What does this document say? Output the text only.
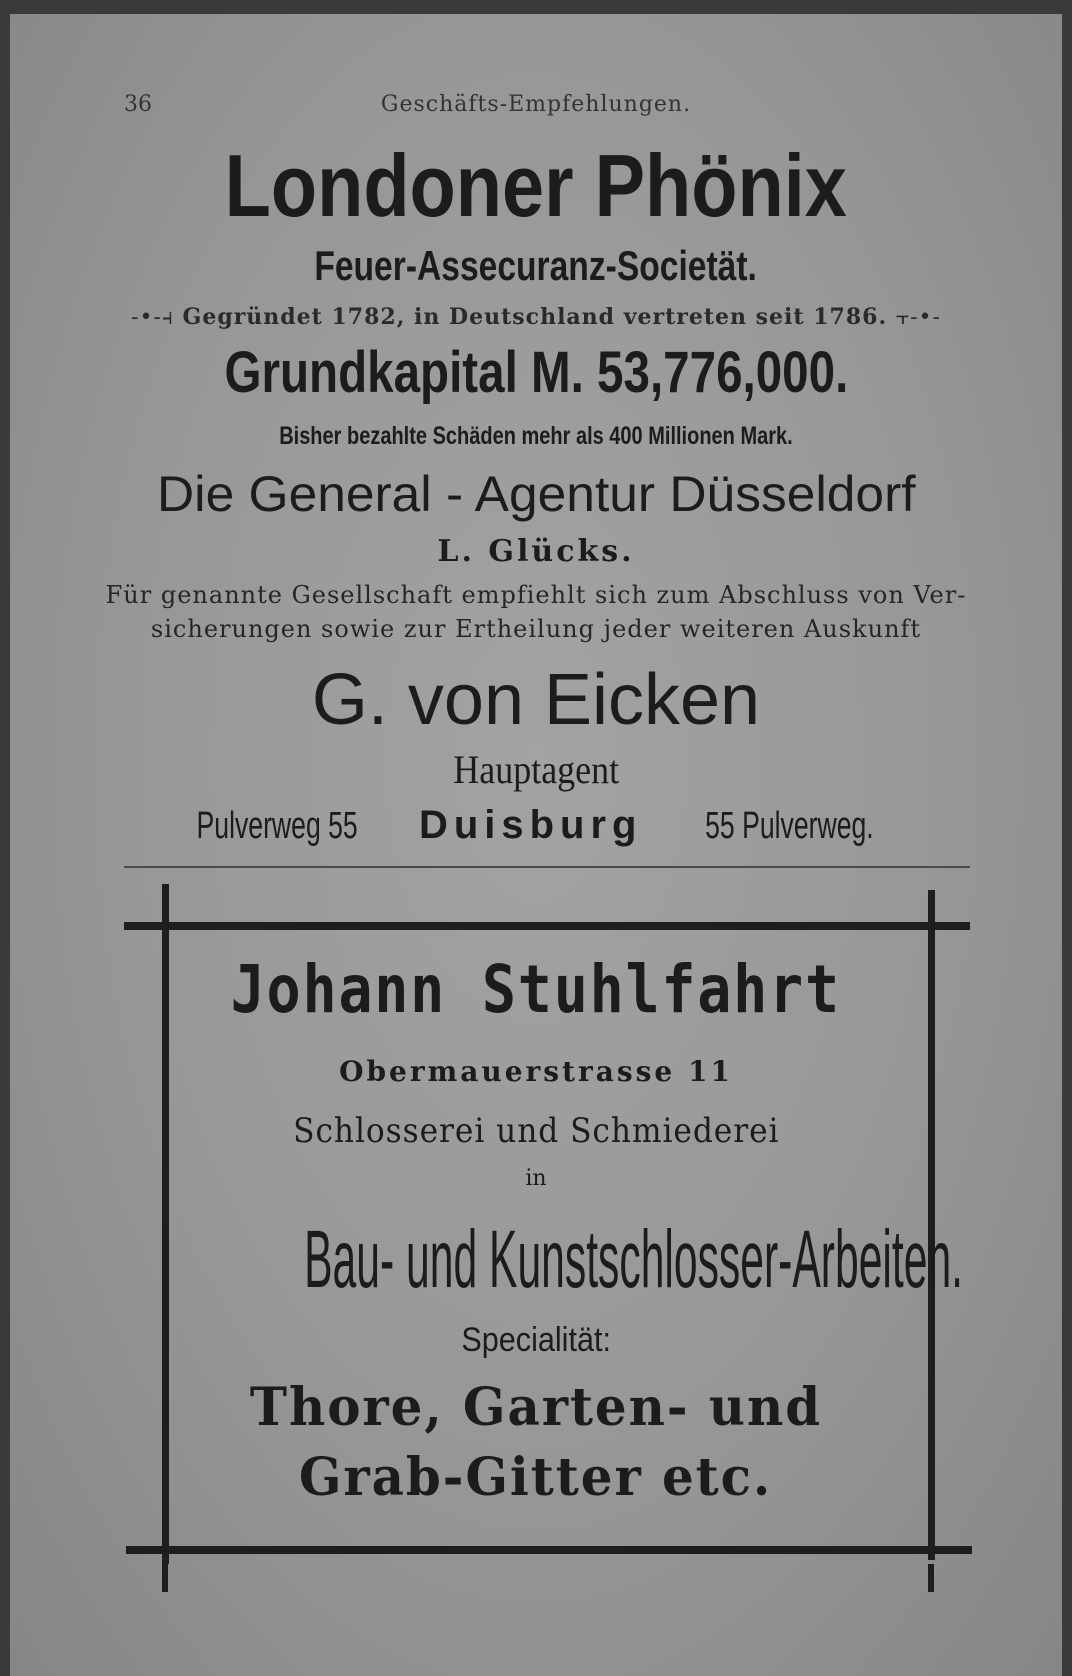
36	Geschäfts-Empfehlungen.
Londoner Phönix
Feuer-Assecuranz-Societät.
-•-⫞ Gegründet 1782, in Deutschland vertreten seit 1786. ⫟-•-
Grundkapital M. 53,776,000.
Bisher bezahlte Schäden mehr als 400 Millionen Mark.
Die General - Agentur Düsseldorf
L. Glücks.
Für genannte Gesellschaft empfiehlt sich zum Abschluss von Ver-
sicherungen sowie zur Ertheilung jeder weiteren Auskunft
G. von Eicken
Hauptagent
Pulverweg 55 Duisburg 55 Pulverweg.
Johann Stuhlfahrt
Obermauerstrasse 11
Schlosserei und Schmiederei
in
Bau- und Kunstschlosser-Arbeiten.
Specialität:
Thore, Garten- und
Grab-Gitter etc.
